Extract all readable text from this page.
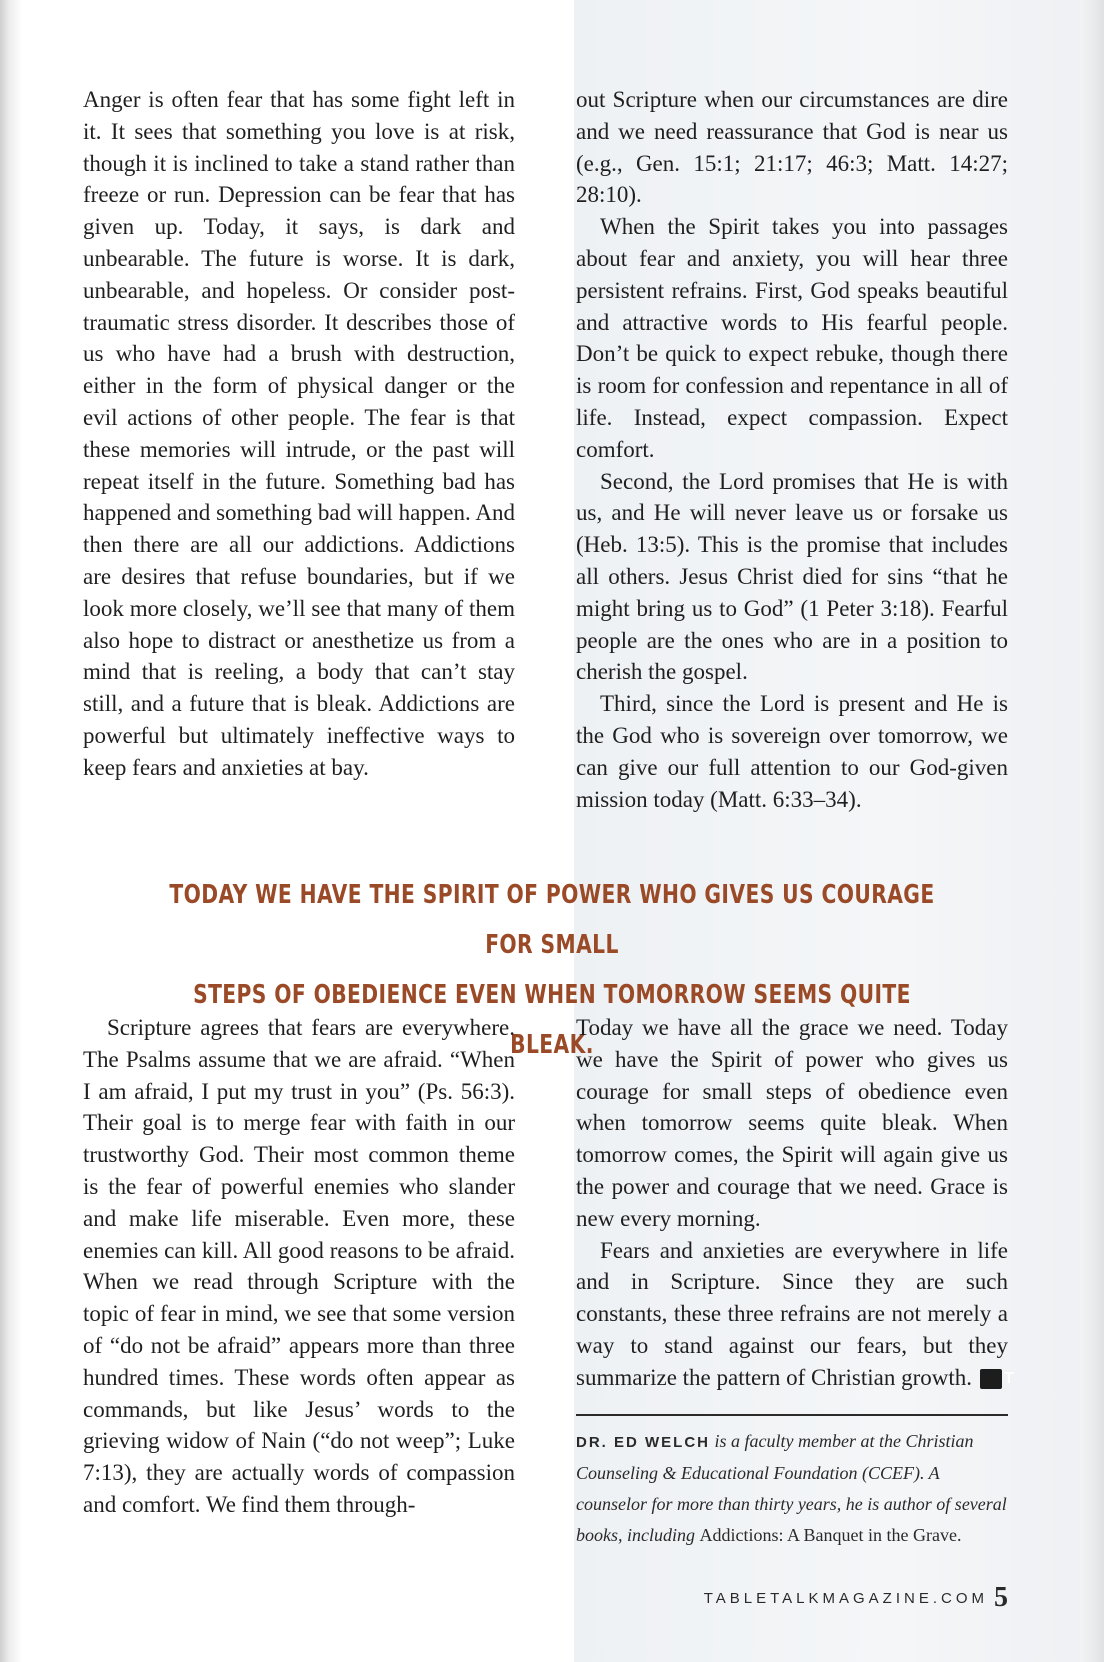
Anger is often fear that has some fight left in it. It sees that something you love is at risk, though it is inclined to take a stand rather than freeze or run. Depression can be fear that has given up. Today, it says, is dark and unbearable. The future is worse. It is dark, unbearable, and hopeless. Or consider post-traumatic stress disorder. It describes those of us who have had a brush with destruction, either in the form of physical danger or the evil actions of other people. The fear is that these memories will intrude, or the past will repeat itself in the future. Something bad has happened and something bad will happen. And then there are all our addictions. Addictions are desires that refuse boundaries, but if we look more closely, we’ll see that many of them also hope to distract or anesthetize us from a mind that is reeling, a body that can’t stay still, and a future that is bleak. Addictions are powerful but ultimately ineffective ways to keep fears and anxieties at bay.

out Scripture when our circumstances are dire and we need reassurance that God is near us (e.g., Gen. 15:1; 21:17; 46:3; Matt. 14:27; 28:10).

When the Spirit takes you into passages about fear and anxiety, you will hear three persistent refrains. First, God speaks beautiful and attractive words to His fearful people. Don’t be quick to expect rebuke, though there is room for confession and repentance in all of life. Instead, expect compassion. Expect comfort.

Second, the Lord promises that He is with us, and He will never leave us or forsake us (Heb. 13:5). This is the promise that includes all others. Jesus Christ died for sins “that he might bring us to God” (1 Peter 3:18). Fearful people are the ones who are in a position to cherish the gospel.

Third, since the Lord is present and He is the God who is sovereign over tomorrow, we can give our full attention to our God-given mission today (Matt. 6:33–34).

TODAY WE HAVE THE SPIRIT OF POWER WHO GIVES US COURAGE FOR SMALL
STEPS OF OBEDIENCE EVEN WHEN TOMORROW SEEMS QUITE BLEAK.

Scripture agrees that fears are everywhere. The Psalms assume that we are afraid. “When I am afraid, I put my trust in you” (Ps. 56:3). Their goal is to merge fear with faith in our trustworthy God. Their most common theme is the fear of powerful enemies who slander and make life miserable. Even more, these enemies can kill. All good reasons to be afraid. When we read through Scripture with the topic of fear in mind, we see that some version of “do not be afraid” appears more than three hundred times. These words often appear as commands, but like Jesus’ words to the grieving widow of Nain (“do not weep”; Luke 7:13), they are actually words of compassion and comfort. We find them through-

Today we have all the grace we need. Today we have the Spirit of power who gives us courage for small steps of obedience even when tomorrow seems quite bleak. When tomorrow comes, the Spirit will again give us the power and courage that we need. Grace is new every morning.

Fears and anxieties are everywhere in life and in Scripture. Since they are such constants, these three refrains are not merely a way to stand against our fears, but they summarize the pattern of Christian growth. T

DR. ED WELCH is a faculty member at the Christian Counseling & Educational Foundation (CCEF). A counselor for more than thirty years, he is author of several books, including Addictions: A Banquet in the Grave.
TABLETALKMAGAZINE.COM 5
